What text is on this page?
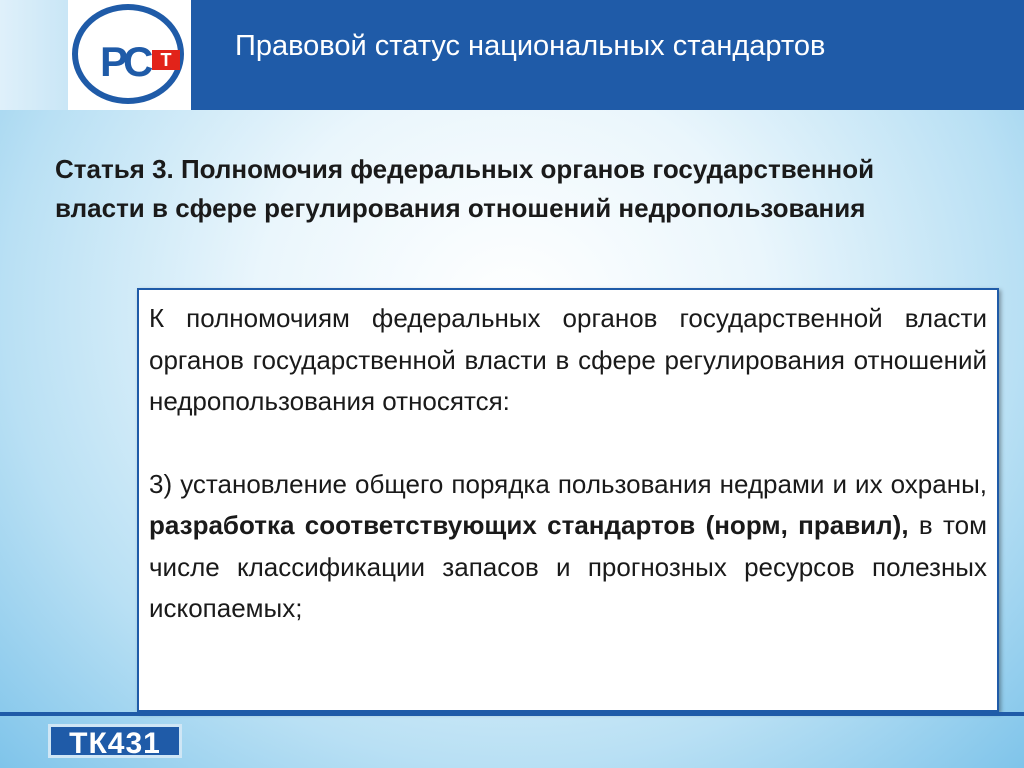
РС Т Правовой статус национальных стандартов
Статья 3. Полномочия федеральных органов государственной власти в сфере регулирования отношений недропользования

К полномочиям федеральных органов государственной власти органов государственной власти в сфере регулирования отношений недропользования относятся:

3) установление общего порядка пользования недрами и их охраны, разработка соответствующих стандартов (норм, правил), в том числе классификации запасов и прогнозных ресурсов полезных ископаемых;

ТК431
